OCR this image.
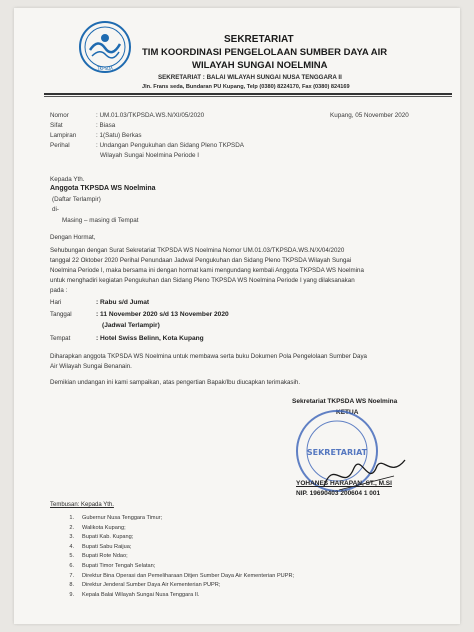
TKPSDA
SEKRETARIAT
TIM KOORDINASI PENGELOLAAN SUMBER DAYA AIR
WILAYAH SUNGAI NOELMINA
SEKRETARIAT : BALAI WILAYAH SUNGAI NUSA TENGGARA II
Jln. Frans seda, Bundaran PU Kupang, Telp (0380) 8224170, Fax (0380) 824169
Nomor	: UM.01.03/TKPSDA.WS.N/XI/05/2020	Kupang, 05 November 2020
Sifat	: Biasa
Lampiran	: 1(Satu) Berkas
Perihal	: Undangan Pengukuhan dan Sidang Pleno TKPSDA
Wilayah Sungai Noelmina Periode I
Kepada Yth.
Anggota TKPSDA WS Noelmina
(Daftar Terlampir)
di-
Masing – masing di Tempat
Dengan Hormat,
Sehubungan dengan Surat Sekretariat TKPSDA WS Noelmina Nomor UM.01.03/TKPSDA.WS.N/X/04/2020
tanggal 22 Oktober 2020 Perihal Penundaan Jadwal Pengukuhan dan Sidang Pleno TKPSDA Wilayah Sungai
Noelmina Periode I, maka bersama ini dengan hormat kami mengundang kembali Anggota TKPSDA WS Noelmina
untuk menghadiri kegiatan Pengukuhan dan Sidang Pleno TKPSDA WS Noelmina Periode I yang dilaksanakan
pada :
Hari	: Rabu s/d Jumat
Tanggal	: 11 November 2020 s/d 13 November 2020
(Jadwal Terlampir)
Tempat	: Hotel Swiss Belinn, Kota Kupang
Diharapkan anggota TKPSDA WS Noelmina untuk membawa serta buku Dokumen Pola Pengelolaan Sumber Daya
Air Wilayah Sungai Benanain.
Demikian undangan ini kami sampaikan, atas pengertian Bapak/Ibu diucapkan terimakasih.
Sekretariat TKPSDA WS Noelmina
KETUA
SEKRETARIAT
YOHANES HARAPAN, ST., M.SI
NIP. 19690403 200604 1 001
Tembusan: Kepada Yth.
1. Gubernur Nusa Tenggara Timur;
2. Walikota Kupang;
3. Bupati Kab. Kupang;
4. Bupati Sabu Raijua;
5. Bupati Rote Ndao;
6. Bupati Timor Tengah Selatan;
7. Direktur Bina Operasi dan Pemeliharaan Ditjen Sumber Daya Air Kementerian PUPR;
8. Direktur Jenderal Sumber Daya Air Kementerian PUPR;
9. Kepala Balai Wilayah Sungai Nusa Tenggara II.
